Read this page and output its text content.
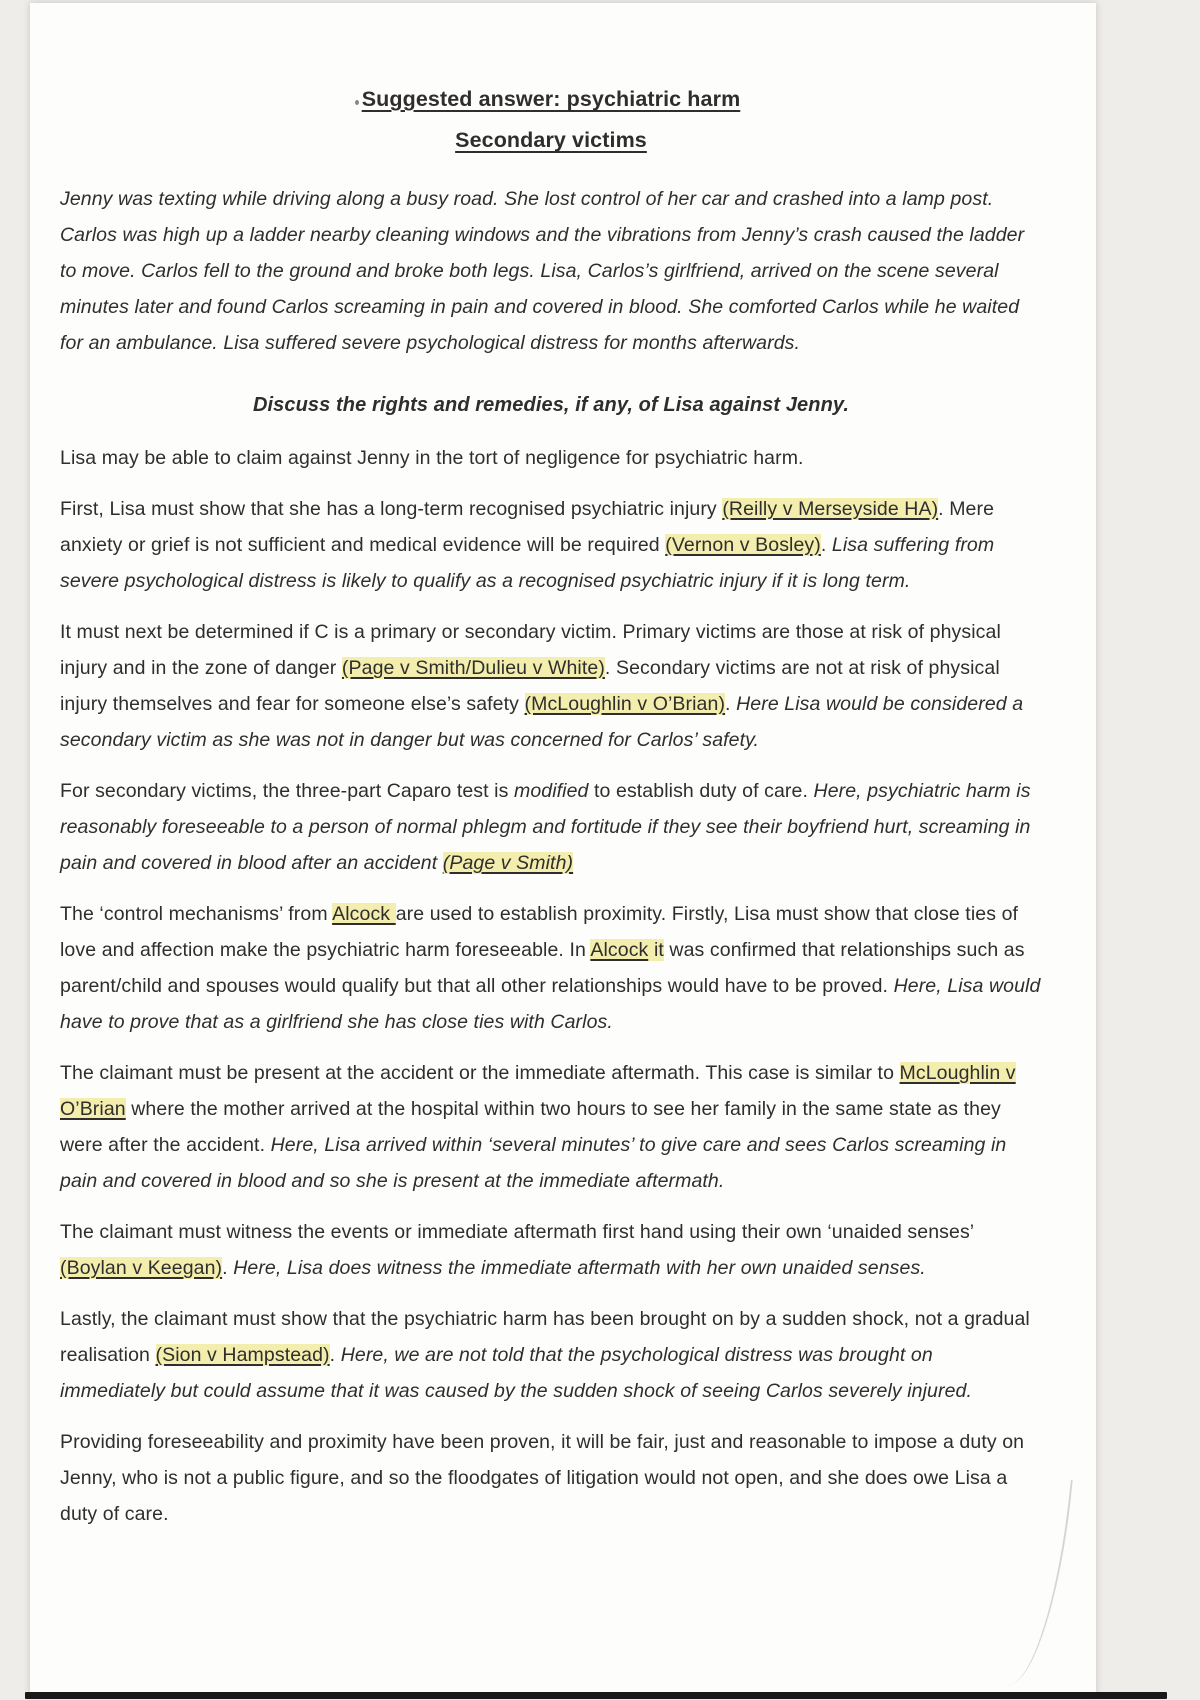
Suggested answer: psychiatric harm
Secondary victims

Jenny was texting while driving along a busy road. She lost control of her car and crashed into a lamp post. Carlos was high up a ladder nearby cleaning windows and the vibrations from Jenny’s crash caused the ladder to move. Carlos fell to the ground and broke both legs. Lisa, Carlos’s girlfriend, arrived on the scene several minutes later and found Carlos screaming in pain and covered in blood. She comforted Carlos while he waited for an ambulance. Lisa suffered severe psychological distress for months afterwards.

Discuss the rights and remedies, if any, of Lisa against Jenny.

Lisa may be able to claim against Jenny in the tort of negligence for psychiatric harm.

First, Lisa must show that she has a long-term recognised psychiatric injury (Reilly v Merseyside HA). Mere anxiety or grief is not sufficient and medical evidence will be required (Vernon v Bosley). Lisa suffering from severe psychological distress is likely to qualify as a recognised psychiatric injury if it is long term.

It must next be determined if C is a primary or secondary victim. Primary victims are those at risk of physical injury and in the zone of danger (Page v Smith/Dulieu v White). Secondary victims are not at risk of physical injury themselves and fear for someone else’s safety (McLoughlin v O’Brian). Here Lisa would be considered a secondary victim as she was not in danger but was concerned for Carlos’ safety.

For secondary victims, the three-part Caparo test is modified to establish duty of care. Here, psychiatric harm is reasonably foreseeable to a person of normal phlegm and fortitude if they see their boyfriend hurt, screaming in pain and covered in blood after an accident (Page v Smith)

The ‘control mechanisms’ from Alcock are used to establish proximity. Firstly, Lisa must show that close ties of love and affection make the psychiatric harm foreseeable. In Alcock it was confirmed that relationships such as parent/child and spouses would qualify but that all other relationships would have to be proved. Here, Lisa would have to prove that as a girlfriend she has close ties with Carlos.

The claimant must be present at the accident or the immediate aftermath. This case is similar to McLoughlin v O’Brian where the mother arrived at the hospital within two hours to see her family in the same state as they were after the accident. Here, Lisa arrived within ‘several minutes’ to give care and sees Carlos screaming in pain and covered in blood and so she is present at the immediate aftermath.

The claimant must witness the events or immediate aftermath first hand using their own ‘unaided senses’ (Boylan v Keegan). Here, Lisa does witness the immediate aftermath with her own unaided senses.

Lastly, the claimant must show that the psychiatric harm has been brought on by a sudden shock, not a gradual realisation (Sion v Hampstead). Here, we are not told that the psychological distress was brought on immediately but could assume that it was caused by the sudden shock of seeing Carlos severely injured.

Providing foreseeability and proximity have been proven, it will be fair, just and reasonable to impose a duty on Jenny, who is not a public figure, and so the floodgates of litigation would not open, and she does owe Lisa a duty of care.
